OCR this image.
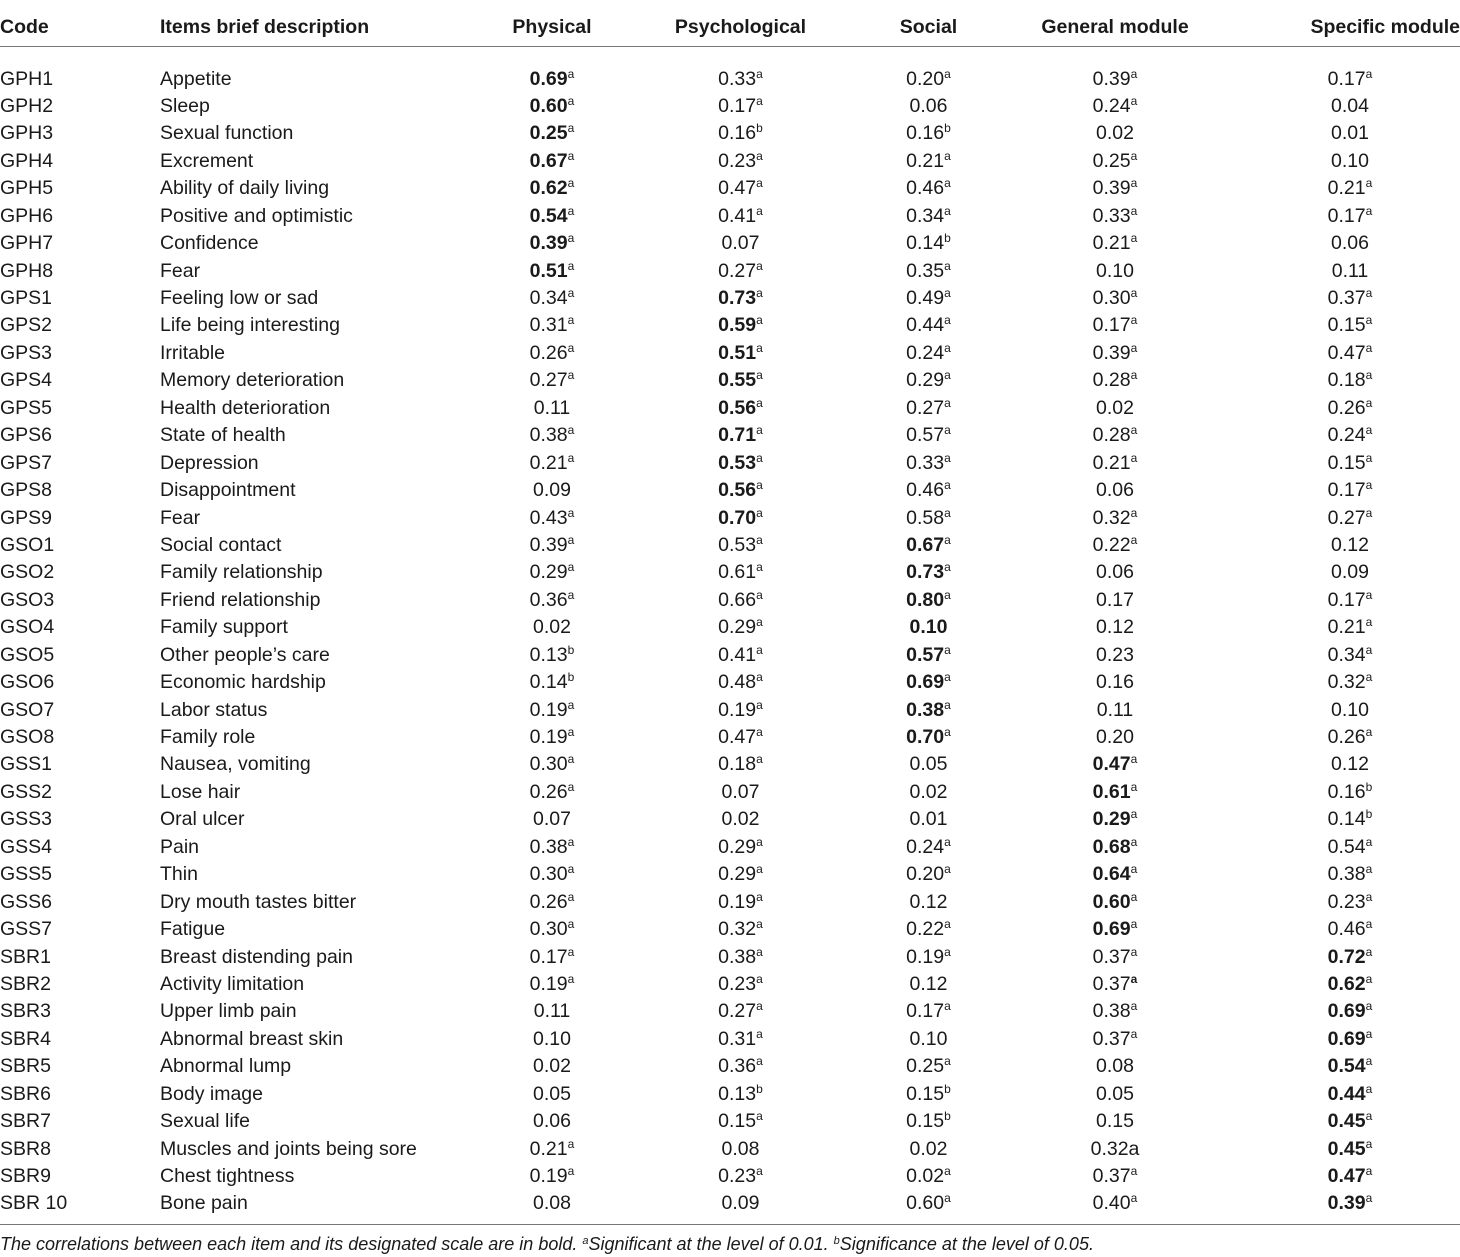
Code	Items brief description	Physical	Psychological	Social	General module	Specific module
GPH1	Appetite	0.69$^a$	0.33$^a$	0.20$^a$	0.39$^a$	0.17$^a$
GPH2	Sleep	0.60$^a$	0.17$^a$	0.06	0.24$^a$	0.04
GPH3	Sexual function	0.25$^a$	0.16$^b$	0.16$^b$	0.02	0.01
GPH4	Excrement	0.67$^a$	0.23$^a$	0.21$^a$	0.25$^a$	0.10
GPH5	Ability of daily living	0.62$^a$	0.47$^a$	0.46$^a$	0.39$^a$	0.21$^a$
GPH6	Positive and optimistic	0.54$^a$	0.41$^a$	0.34$^a$	0.33$^a$	0.17$^a$
GPH7	Confidence	0.39$^a$	0.07	0.14$^b$	0.21$^a$	0.06
GPH8	Fear	0.51$^a$	0.27$^a$	0.35$^a$	0.10	0.11
GPS1	Feeling low or sad	0.34$^a$	0.73$^a$	0.49$^a$	0.30$^a$	0.37$^a$
GPS2	Life being interesting	0.31$^a$	0.59$^a$	0.44$^a$	0.17$^a$	0.15$^a$
GPS3	Irritable	0.26$^a$	0.51$^a$	0.24$^a$	0.39$^a$	0.47$^a$
GPS4	Memory deterioration	0.27$^a$	0.55$^a$	0.29$^a$	0.28$^a$	0.18$^a$
GPS5	Health deterioration	0.11	0.56$^a$	0.27$^a$	0.02	0.26$^a$
GPS6	State of health	0.38$^a$	0.71$^a$	0.57$^a$	0.28$^a$	0.24$^a$
GPS7	Depression	0.21$^a$	0.53$^a$	0.33$^a$	0.21$^a$	0.15$^a$
GPS8	Disappointment	0.09	0.56$^a$	0.46$^a$	0.06	0.17$^a$
GPS9	Fear	0.43$^a$	0.70$^a$	0.58$^a$	0.32$^a$	0.27$^a$
GSO1	Social contact	0.39$^a$	0.53$^a$	0.67$^a$	0.22$^a$	0.12
GSO2	Family relationship	0.29$^a$	0.61$^a$	0.73$^a$	0.06	0.09
GSO3	Friend relationship	0.36$^a$	0.66$^a$	0.80$^a$	0.17	0.17$^a$
GSO4	Family support	0.02	0.29$^a$	0.10	0.12	0.21$^a$
GSO5	Other people’s care	0.13$^b$	0.41$^a$	0.57$^a$	0.23	0.34$^a$
GSO6	Economic hardship	0.14$^b$	0.48$^a$	0.69$^a$	0.16	0.32$^a$
GSO7	Labor status	0.19$^a$	0.19$^a$	0.38$^a$	0.11	0.10
GSO8	Family role	0.19$^a$	0.47$^a$	0.70$^a$	0.20	0.26$^a$
GSS1	Nausea, vomiting	0.30$^a$	0.18$^a$	0.05	0.47$^a$	0.12
GSS2	Lose hair	0.26$^a$	0.07	0.02	0.61$^a$	0.16$^b$
GSS3	Oral ulcer	0.07	0.02	0.01	0.29$^a$	0.14$^b$
GSS4	Pain	0.38$^a$	0.29$^a$	0.24$^a$	0.68$^a$	0.54$^a$
GSS5	Thin	0.30$^a$	0.29$^a$	0.20$^a$	0.64$^a$	0.38$^a$
GSS6	Dry mouth tastes bitter	0.26$^a$	0.19$^a$	0.12	0.60$^a$	0.23$^a$
GSS7	Fatigue	0.30$^a$	0.32$^a$	0.22$^a$	0.69$^a$	0.46$^a$
SBR1	Breast distending pain	0.17$^a$	0.38$^a$	0.19$^a$	0.37$^a$	0.72$^a$
SBR2	Activity limitation	0.19$^a$	0.23$^a$	0.12	0.37$^a$	0.62$^a$
SBR3	Upper limb pain	0.11	0.27$^a$	0.17$^a$	0.38$^a$	0.69$^a$
SBR4	Abnormal breast skin	0.10	0.31$^a$	0.10	0.37$^a$	0.69$^a$
SBR5	Abnormal lump	0.02	0.36$^a$	0.25$^a$	0.08	0.54$^a$
SBR6	Body image	0.05	0.13$^b$	0.15$^b$	0.05	0.44$^a$
SBR7	Sexual life	0.06	0.15$^a$	0.15$^b$	0.15	0.45$^a$
SBR8	Muscles and joints being sore	0.21$^a$	0.08	0.02	0.32a	0.45$^a$
SBR9	Chest tightness	0.19$^a$	0.23$^a$	0.02$^a$	0.37$^a$	0.47$^a$
SBR 10	Bone pain	0.08	0.09	0.60$^a$	0.40$^a$	0.39$^a$
The correlations between each item and its designated scale are in bold. $^a$Significant at the level of 0.01. $^b$Significance at the level of 0.05.
